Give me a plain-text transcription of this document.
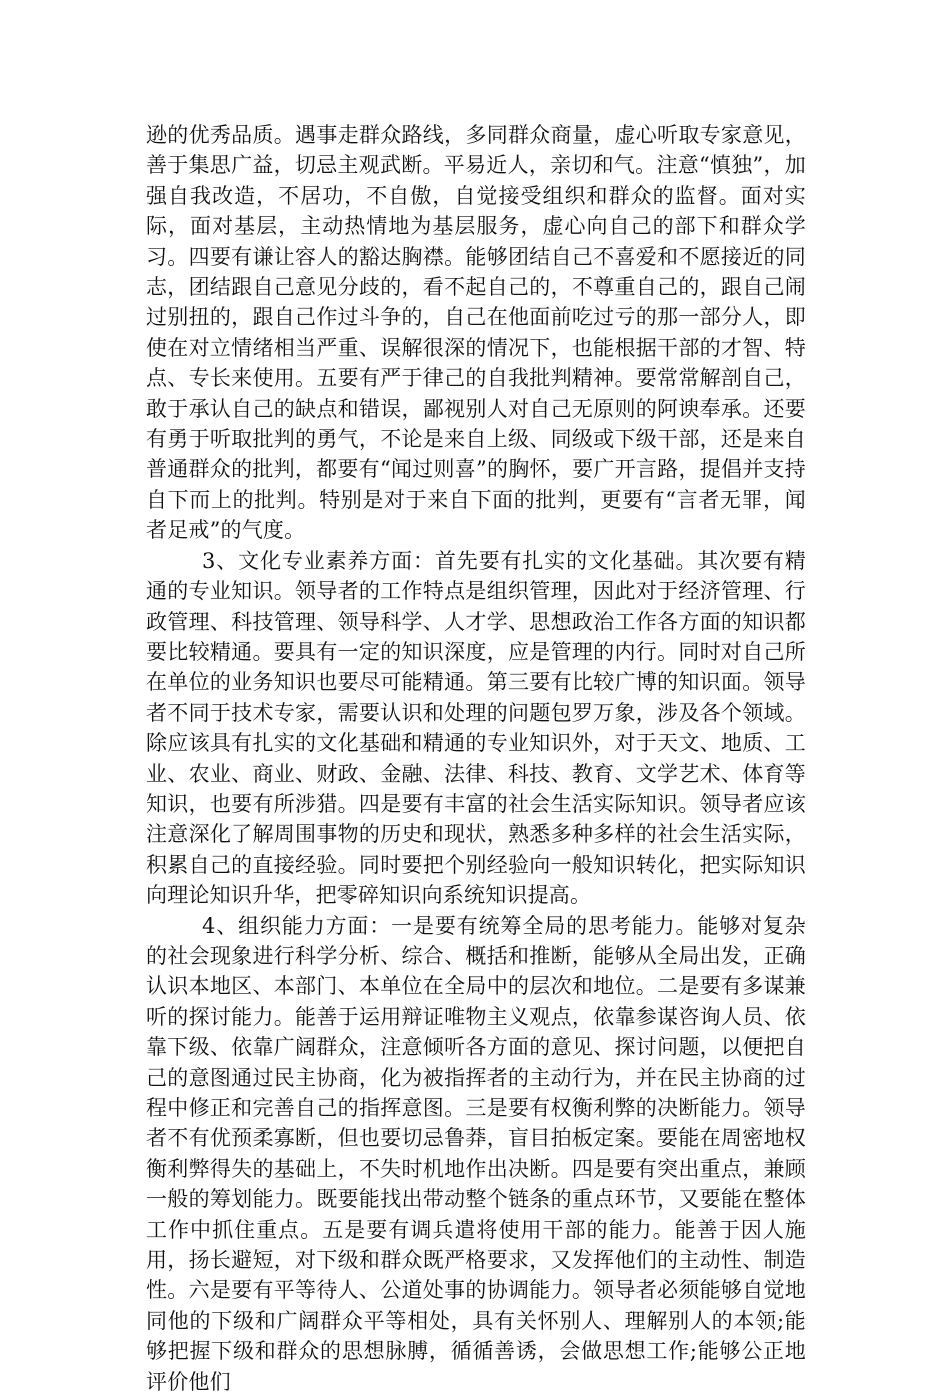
逊的优秀品质。遇事走群众路线，多同群众商量，虚心听取专家意见，善于集思广益，切忌主观武断。平易近人，亲切和气。注意“慎独”，加强自我改造，不居功，不自傲，自觉接受组织和群众的监督。面对实际，面对基层，主动热情地为基层服务，虚心向自己的部下和群众学习。四要有谦让容人的豁达胸襟。能够团结自己不喜爱和不愿接近的同志，团结跟自己意见分歧的，看不起自己的，不尊重自己的，跟自己闹过别扭的，跟自己作过斗争的，自己在他面前吃过亏的那一部分人，即使在对立情绪相当严重、误解很深的情况下，也能根据干部的才智、特点、专长来使用。五要有严于律己的自我批判精神。要常常解剖自己，敢于承认自己的缺点和错误，鄙视别人对自己无原则的阿谀奉承。还要有勇于听取批判的勇气，不论是来自上级、同级或下级干部，还是来自普通群众的批判，都要有“闻过则喜”的胸怀，要广开言路，提倡并支持自下而上的批判。特别是对于来自下面的批判，更要有“言者无罪，闻者足戒”的气度。

3、文化专业素养方面：首先要有扎实的文化基础。其次要有精通的专业知识。领导者的工作特点是组织管理，因此对于经济管理、行政管理、科技管理、领导科学、人才学、思想政治工作各方面的知识都要比较精通。要具有一定的知识深度，应是管理的内行。同时对自己所在单位的业务知识也要尽可能精通。第三要有比较广博的知识面。领导者不同于技术专家，需要认识和处理的问题包罗万象，涉及各个领域。除应该具有扎实的文化基础和精通的专业知识外，对于天文、地质、工业、农业、商业、财政、金融、法律、科技、教育、文学艺术、体育等知识，也要有所涉猎。四是要有丰富的社会生活实际知识。领导者应该注意深化了解周围事物的历史和现状，熟悉多种多样的社会生活实际，积累自己的直接经验。同时要把个别经验向一般知识转化，把实际知识向理论知识升华，把零碎知识向系统知识提高。

4、组织能力方面：一是要有统筹全局的思考能力。能够对复杂的社会现象进行科学分析、综合、概括和推断，能够从全局出发，正确认识本地区、本部门、本单位在全局中的层次和地位。二是要有多谋兼听的探讨能力。能善于运用辩证唯物主义观点，依靠参谋咨询人员、依靠下级、依靠广阔群众，注意倾听各方面的意见、探讨问题，以便把自己的意图通过民主协商，化为被指挥者的主动行为，并在民主协商的过程中修正和完善自己的指挥意图。三是要有权衡利弊的决断能力。领导者不有优预柔寡断，但也要切忌鲁莽，盲目拍板定案。要能在周密地权衡利弊得失的基础上，不失时机地作出决断。四是要有突出重点，兼顾一般的筹划能力。既要能找出带动整个链条的重点环节，又要能在整体工作中抓住重点。五是要有调兵遣将使用干部的能力。能善于因人施用，扬长避短，对下级和群众既严格要求，又发挥他们的主动性、制造性。六是要有平等待人、公道处事的协调能力。领导者必须能够自觉地同他的下级和广阔群众平等相处，具有关怀别人、理解别人的本领;能够把握下级和群众的思想脉膊，循循善诱，会做思想工作;能够公正地评价他们
